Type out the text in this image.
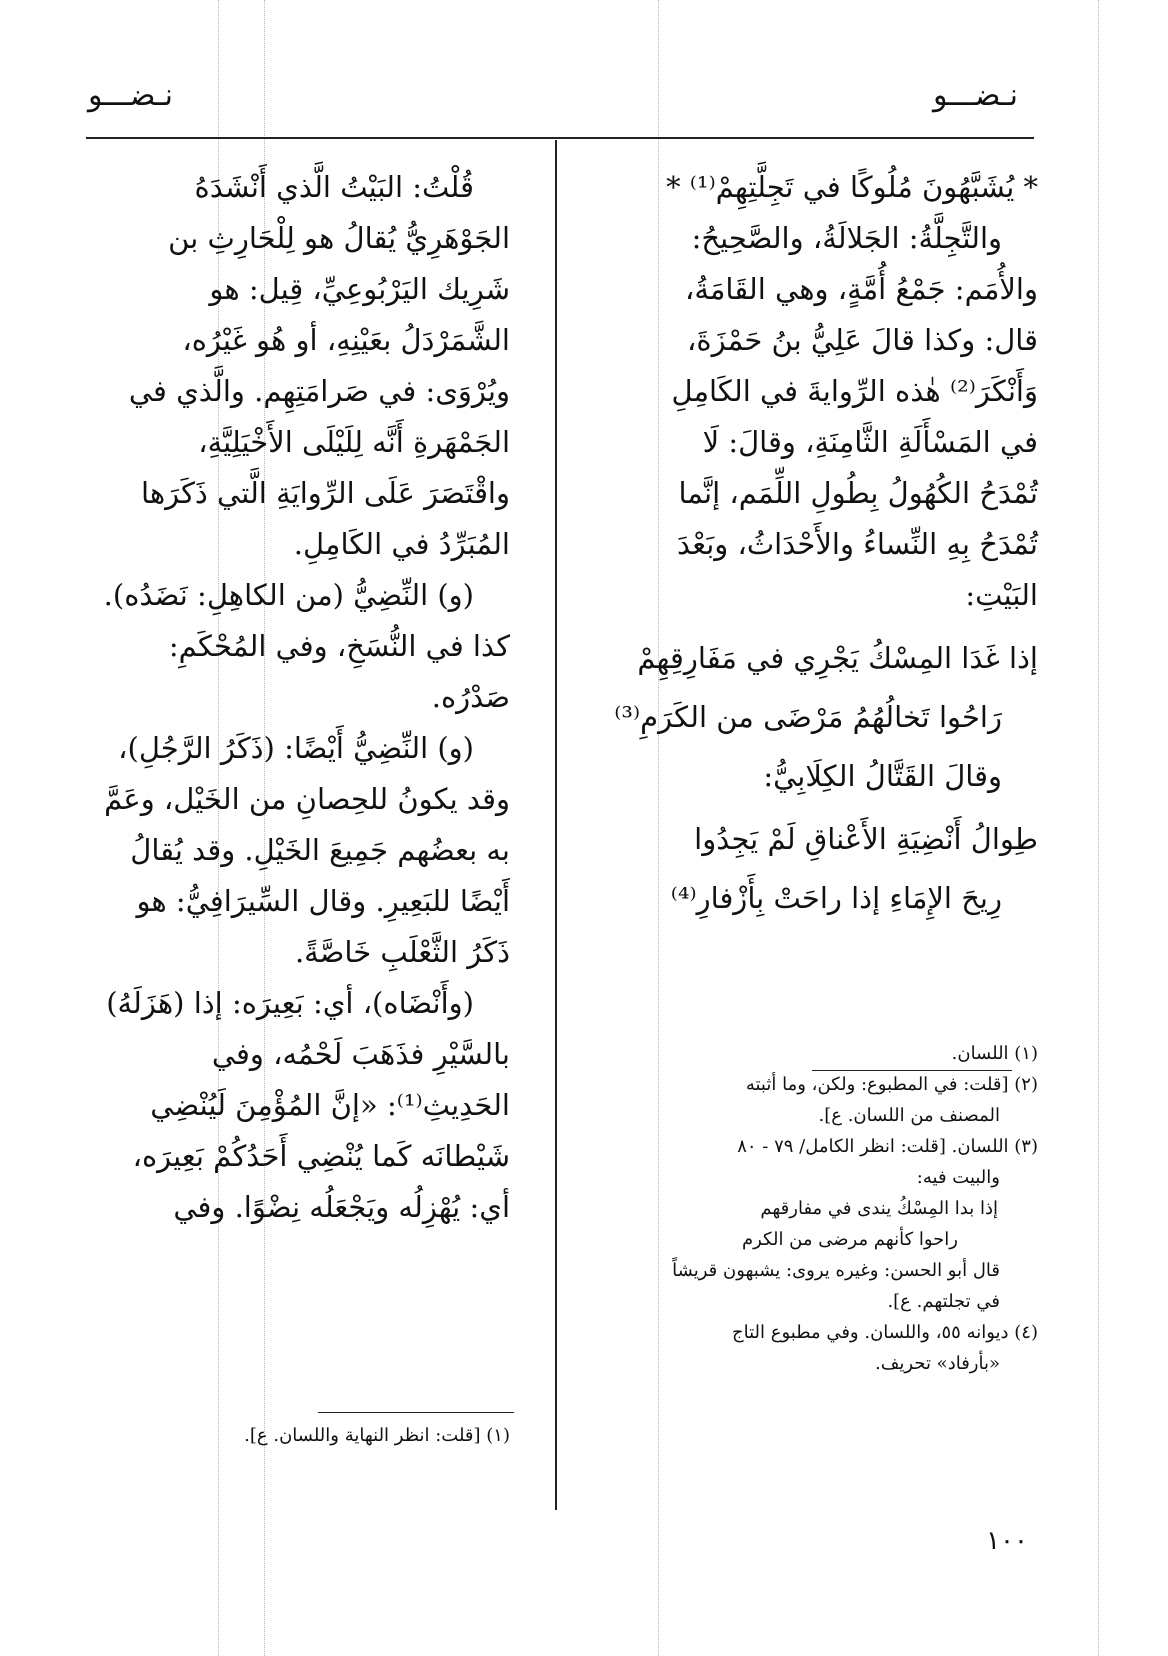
نـضـــو
نـضـــو

* يُشَبَّهُونَ مُلُوكًا في تَجِلَّتِهِمْ⁽¹⁾ *

والتَّجِلَّةُ: الجَلالَةُ، والصَّحِيحُ:

والأُمَم: جَمْعُ أُمَّةٍ، وهي القَامَةُ،

قال: وكذا قالَ عَلِيُّ بنُ حَمْزَةَ،

وَأَنْكَرَ⁽²⁾ هٰذه الرِّوايةَ في الكَامِلِ

في المَسْأَلَةِ الثَّامِنَةِ، وقالَ: لَا

تُمْدَحُ الكُهُولُ بِطُولِ اللِّمَم، إنَّما

تُمْدَحُ بِهِ النِّساءُ والأَحْدَاثُ، وبَعْدَ

البَيْتِ:

إذا غَدَا المِسْكُ يَجْرِي في مَفَارِقِهِمْ

رَاحُوا تَخالُهُمُ مَرْضَى من الكَرَمِ⁽³⁾

وقالَ القَتَّالُ الكِلَابِيُّ:

طِوالُ أَنْضِيَةِ الأَعْناقِ لَمْ يَجِدُوا

رِيحَ الإِمَاءِ إذا راحَتْ بِأَزْفارِ⁽⁴⁾

(١) اللسان.

(٢) [قلت: في المطبوع: ولكن، وما أثبته

المصنف من اللسان. ع].

(٣) اللسان. [قلت: انظر الكامل/ ٧٩ - ٨٠

والبيت فيه:

إذا بدا المِسْكُ يندى في مفارقهم

راحوا كأنهم مرضى من الكرم

قال أبو الحسن: وغيره يروى: يشبهون قريشاً

في تجلتهم. ع].

(٤) ديوانه ٥٥، واللسان. وفي مطبوع التاج

«بأرفاد» تحريف.

قُلْتُ: البَيْتُ الَّذي أَنْشَدَهُ

الجَوْهَرِيُّ يُقالُ هو لِلْحَارِثِ بن

شَرِيك اليَرْبُوعِيِّ، قِيل: هو

الشَّمَرْدَلُ بعَيْنِهِ، أو هُو غَيْرُه،

ويُرْوَى: في صَرامَتِهِم. والَّذي في

الجَمْهَرةِ أَنَّه لِلَيْلَى الأَخْيَلِيَّةِ،

واقْتَصَرَ عَلَى الرِّوايَةِ الَّتي ذَكَرَها

المُبَرِّدُ في الكَامِلِ.

(و) النِّضِيُّ (من الكاهِلِ: نَضَدُه).

كذا في النُّسَخِ، وفي المُحْكَمِ:

صَدْرُه.

(و) النِّضِيُّ أَيْضًا: (ذَكَرُ الرَّجُلِ)،

وقد يكونُ للحِصانِ من الخَيْل، وعَمَّ

به بعضُهم جَمِيعَ الخَيْلِ. وقد يُقالُ

أَيْضًا للبَعِيرِ. وقال السِّيرَافِيُّ: هو

ذَكَرُ الثَّعْلَبِ خَاصَّةً.

(وأَنْضَاه)، أي: بَعِيرَه: إذا (هَزَلَهُ)

بالسَّيْرِ فذَهَبَ لَحْمُه، وفي

الحَدِيثِ⁽¹⁾: «إنَّ المُؤْمِنَ لَيُنْضِي

شَيْطانَه كَما يُنْضِي أَحَدُكُمْ بَعِيرَه،

أي: يُهْزِلُه ويَجْعَلُه نِضْوًا. وفي

(١) [قلت: انظر النهاية واللسان. ع].

١٠٠
